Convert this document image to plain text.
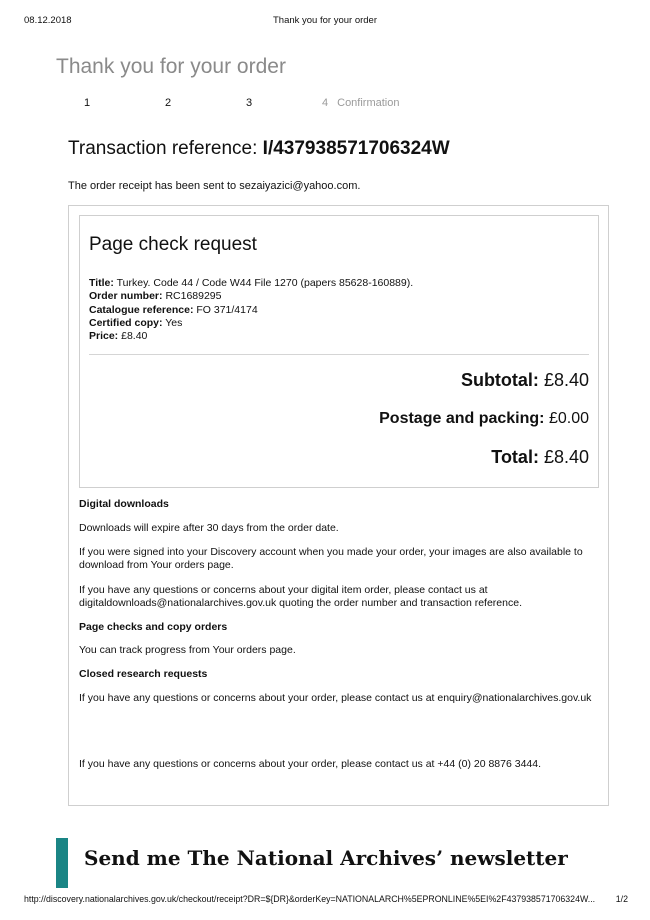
08.12.2018	Thank you for your order
Thank you for your order
1	2	3	4 Confirmation
Transaction reference: I/437938571706324W

The order receipt has been sent to sezaiyazici@yahoo.com.

Page check request
Title: Turkey. Code 44 / Code W44 File 1270 (papers 85628-160889).
Order number: RC1689295
Catalogue reference: FO 371/4174
Certified copy: Yes
Price: £8.40
Subtotal: £8.40
Postage and packing: £0.00
Total: £8.40

Digital downloads

Downloads will expire after 30 days from the order date.

If you were signed into your Discovery account when you made your order, your images are also available to download from Your orders page.

If you have any questions or concerns about your digital item order, please contact us at digitaldownloads@nationalarchives.gov.uk quoting the order number and transaction reference.

Page checks and copy orders

You can track progress from Your orders page.

Closed research requests

If you have any questions or concerns about your order, please contact us at enquiry@nationalarchives.gov.uk

If you have any questions or concerns about your order, please contact us at +44 (0) 20 8876 3444.

Send me The National Archives’ newsletter
http://discovery.nationalarchives.gov.uk/checkout/receipt?DR=${DR}&orderKey=NATIONALARCH%5EPRONLINE%5EI%2F437938571706324W... 1/2
